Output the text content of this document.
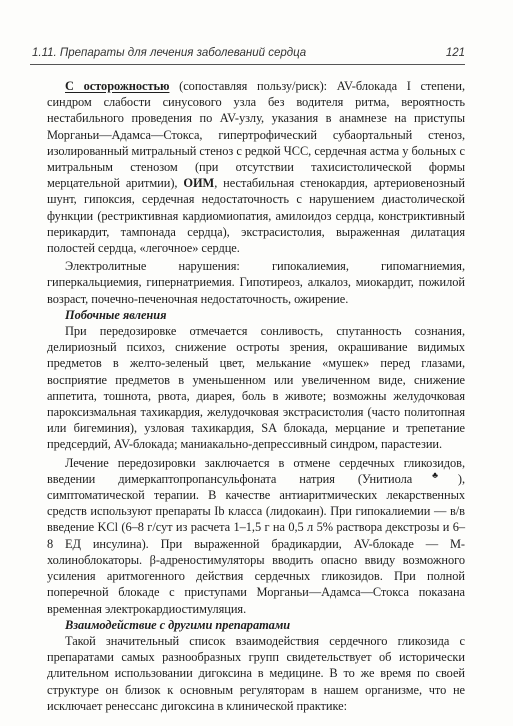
1.11. Препараты для лечения заболеваний сердца	121

С осторожностью (сопоставляя пользу/риск): AV-блокада I степени, синдром слабости синусового узла без водителя ритма, вероятность нестабильного проведения по AV-узлу, указания в анамнезе на приступы Морганьи—Адамса—Стокса, гипертрофический субаортальный стеноз, изолированный митральный стеноз с редкой ЧСС, сердечная астма у больных с митральным стенозом (при отсутствии тахисистолической формы мерцательной аритмии), ОИМ, нестабильная стенокардия, артериовенозный шунт, гипоксия, сердечная недостаточность с нарушением диастолической функции (рестриктивная кардиомиопатия, амилоидоз сердца, констриктивный перикардит, тампонада сердца), экстрасистолия, выраженная дилатация полостей сердца, «легочное» сердце.

Электролитные нарушения: гипокалиемия, гипомагниемия, гиперкальциемия, гипернатриемия. Гипотиреоз, алкалоз, миокардит, пожилой возраст, почечно-печеночная недостаточность, ожирение.

Побочные явления

При передозировке отмечается сонливость, спутанность сознания, делириозный психоз, снижение остроты зрения, окрашивание видимых предметов в желто-зеленый цвет, мелькание «мушек» перед глазами, восприятие предметов в уменьшенном или увеличенном виде, снижение аппетита, тошнота, рвота, диарея, боль в животе; возможны желудочковая пароксизмальная тахикардия, желудочковая экстрасистолия (часто политопная или бигеминия), узловая тахикардия, SA блокада, мерцание и трепетание предсердий, AV-блокада; маниакально-депрессивный синдром, парастезии.

Лечение передозировки заключается в отмене сердечных гликозидов, введении димеркаптопропансульфоната натрия (Унитиола♣), симптоматической терапии. В качестве антиаритмических лекарственных средств используют препараты Ib класса (лидокаин). При гипокалиемии — в/в введение KCl (6–8 г/сут из расчета 1–1,5 г на 0,5 л 5% раствора декстрозы и 6–8 ЕД инсулина). При выраженной брадикардии, AV-блокаде — М-холиноблокаторы. β-адреностимуляторы вводить опасно ввиду возможного усиления аритмогенного действия сердечных гликозидов. При полной поперечной блокаде с приступами Морганьи—Адамса—Стокса показана временная электрокардиостимуляция.

Взаимодействие с другими препаратами

Такой значительный список взаимодействия сердечного гликозида с препаратами самых разнообразных групп свидетельствует об исторически длительном использовании дигоксина в медицине. В то же время по своей структуре он близок к основным регуляторам в нашем организме, что не исключает ренессанс дигоксина в клинической практике:
